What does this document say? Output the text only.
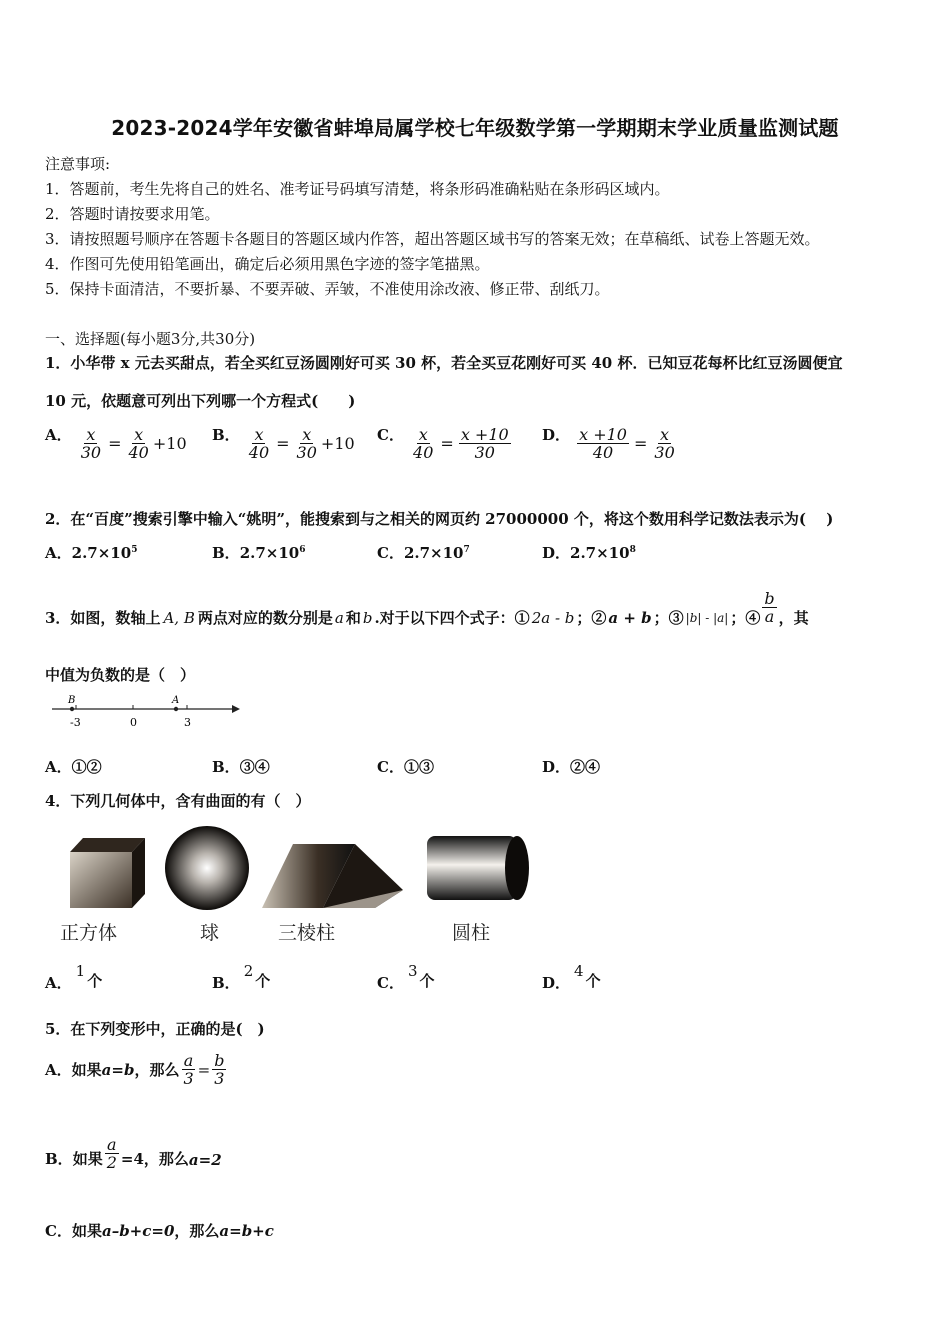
2023-2024学年安徽省蚌埠局属学校七年级数学第一学期期末学业质量监测试题
注意事项:
1．答题前，考生先将自己的姓名、准考证号码填写清楚，将条形码准确粘贴在条形码区域内。
2．答题时请按要求用笔。
3．请按照题号顺序在答题卡各题目的答题区域内作答，超出答题区域书写的答案无效；在草稿纸、试卷上答题无效。
4．作图可先使用铅笔画出，确定后必须用黑色字迹的签字笔描黑。
5．保持卡面清洁，不要折暴、不要弄破、弄皱，不准使用涂改液、修正带、刮纸刀。
一、选择题(每小题3分,共30分)
1．小华带 x 元去买甜点，若全买红豆汤圆刚好可买 30 杯，若全买豆花刚好可买 40 杯．已知豆花每杯比红豆汤圆便宜
10 元，依题意可列出下列哪一个方程式(　　)
A． $\frac{x}{30} = \frac{x}{40} +10$ B． $\frac{x}{40} = \frac{x}{30} +10$ C． $\frac{x}{40} = \frac{x +10}{30}$ D． $\frac{x +10}{40} = \frac{x}{30}$
2．在“百度”搜索引擎中输入“姚明”，能搜索到与之相关的网页约 27000000 个，将这个数用科学记数法表示为(　 )
A．$2.7\times 10^5$	B．$2.7\times 10^6$	C．$2.7\times 10^7$	D．$2.7\times 10^8$
3．如图，数轴上 A, B 两点对应的数分别是 a 和 b .对于以下四个式子：① 2a - b ；② a + b ；③ |b| - |a| ；④ $\frac{b}{a}$ ，其
中值为负数的是（　）
B	A
-3	0	3
A．①②	B．③④	C．①③	D．②④
4．下列几何体中，含有曲面的有（　）
正方体	球	三棱柱	圆柱
A．1个	B．2个	C．3个	D．4个
5．在下列变形中，正确的是(　)
A． 如果 a=b ，那么 $\frac{a}{3} = \frac{b}{3}$
B． 如果 $\frac{a}{2} =4$，那么 a=2
C．如果a–b+c=0，那么a=b+c
